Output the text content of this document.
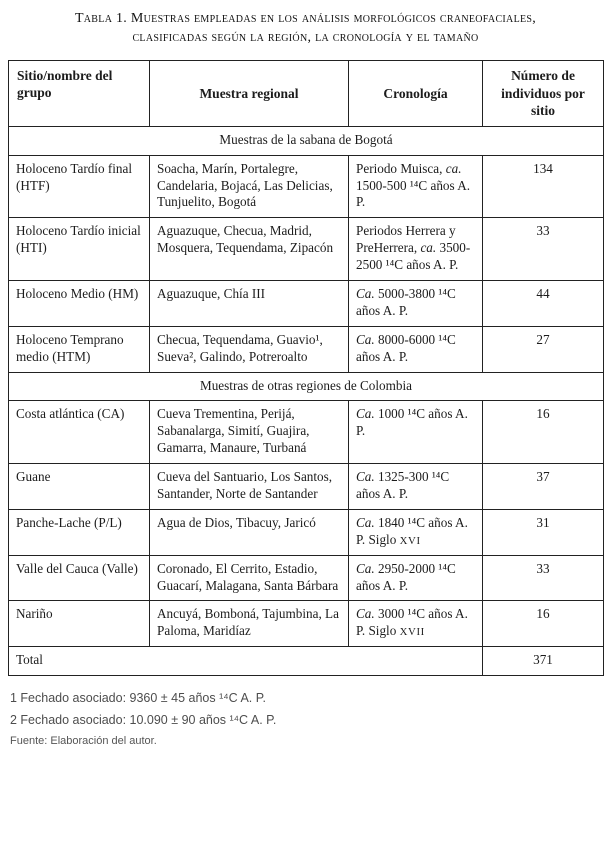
Tabla 1. Muestras empleadas en los análisis morfológicos craneofaciales,
clasificadas según la región, la cronología y el tamaño
Sitio/nombre del grupo	Muestra regional	Cronología	Número de individuos por sitio
Muestras de la sabana de Bogotá			
Holoceno Tardío final (HTF)	Soacha, Marín, Portalegre, Candelaria, Bojacá, Las Delicias, Tunjuelito, Bogotá	Periodo Muisca, ca. 1500-500 ¹⁴C años A. P.	134
Holoceno Tardío inicial (HTI)	Aguazuque, Checua, Madrid, Mosquera, Tequendama, Zipacón	Periodos Herrera y PreHerrera, ca. 3500-2500 ¹⁴C años A. P.	33
Holoceno Medio (HM)	Aguazuque, Chía III	Ca. 5000-3800 ¹⁴C años A. P.	44
Holoceno Temprano medio (HTM)	Checua, Tequendama, Guavio¹, Sueva², Galindo, Potreroalto	Ca. 8000-6000 ¹⁴C años A. P.	27
Muestras de otras regiones de Colombia			
Costa atlántica (CA)	Cueva Trementina, Perijá, Sabanalarga, Simití, Guajira, Gamarra, Manaure, Turbaná	Ca. 1000 ¹⁴C años A. P.	16
Guane	Cueva del Santuario, Los Santos, Santander, Norte de Santander	Ca. 1325-300 ¹⁴C años A. P.	37
Panche-Lache (P/L)	Agua de Dios, Tibacuy, Jaricó	Ca. 1840 ¹⁴C años A. P. Siglo XVI	31
Valle del Cauca (Valle)	Coronado, El Cerrito, Estadio, Guacarí, Malagana, Santa Bárbara	Ca. 2950-2000 ¹⁴C años A. P.	33
Nariño	Ancuyá, Bomboná, Tajumbina, La Paloma, Maridíaz	Ca. 3000 ¹⁴C años A. P. Siglo XVII	16
Total			371
1 Fechado asociado: 9360 ± 45 años ¹⁴C A. P.
2 Fechado asociado: 10.090 ± 90 años ¹⁴C A. P.
Fuente: Elaboración del autor.
